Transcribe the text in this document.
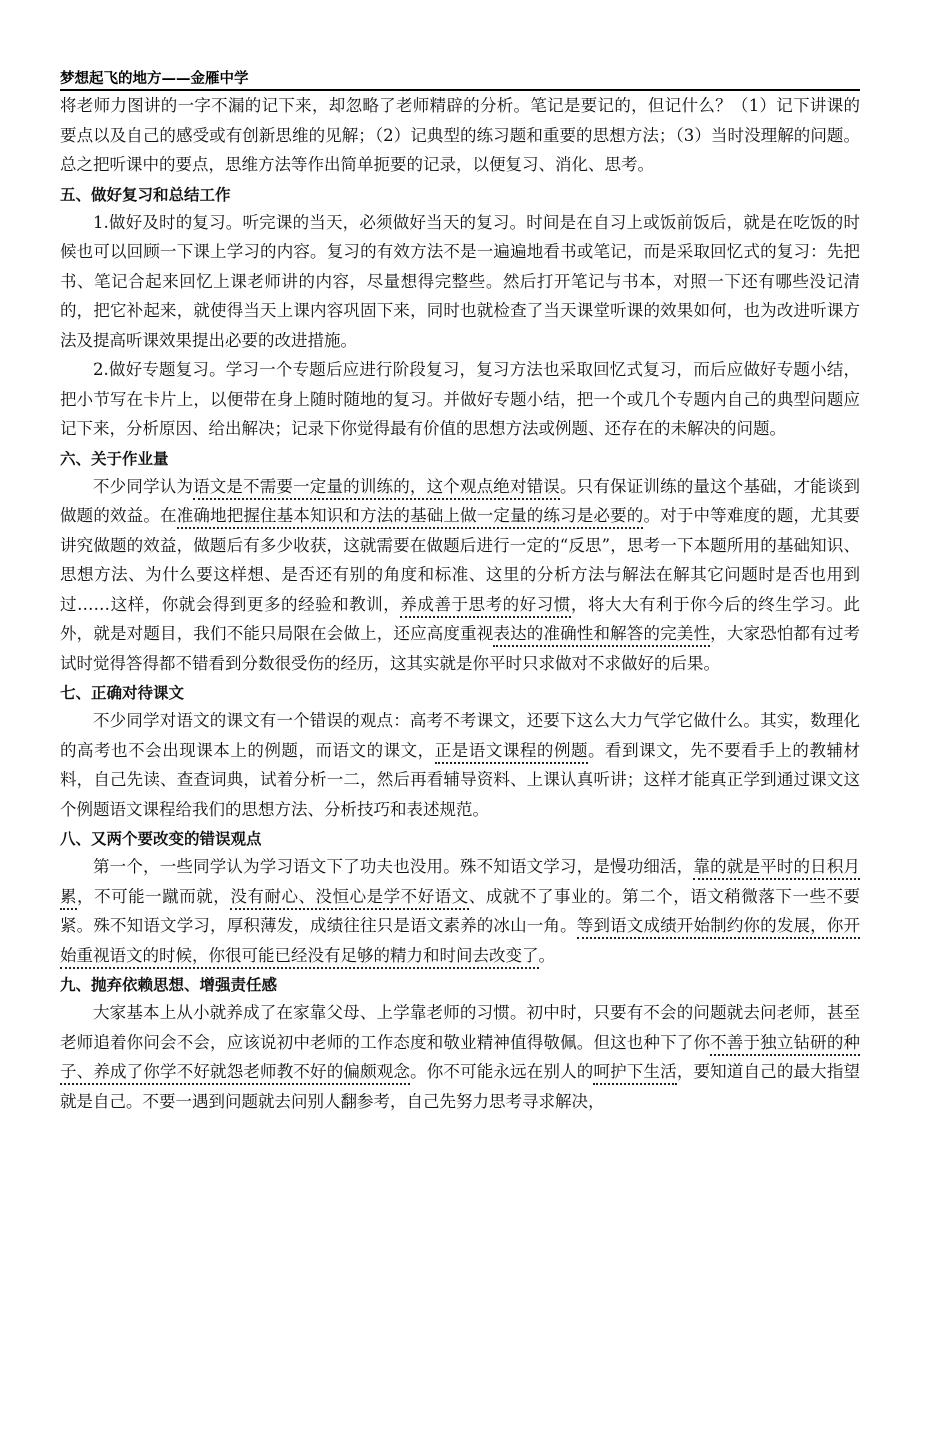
梦想起飞的地方——金雁中学

将老师力图讲的一字不漏的记下来，却忽略了老师精辟的分析。笔记是要记的，但记什么？（1）记下讲课的要点以及自己的感受或有创新思维的见解；（2）记典型的练习题和重要的思想方法；（3）当时没理解的问题。总之把听课中的要点，思维方法等作出简单扼要的记录，以便复习、消化、思考。

五、做好复习和总结工作

1.做好及时的复习。听完课的当天，必须做好当天的复习。时间是在自习上或饭前饭后，就是在吃饭的时候也可以回顾一下课上学习的内容。复习的有效方法不是一遍遍地看书或笔记，而是采取回忆式的复习：先把书、笔记合起来回忆上课老师讲的内容，尽量想得完整些。然后打开笔记与书本，对照一下还有哪些没记清的，把它补起来，就使得当天上课内容巩固下来，同时也就检查了当天课堂听课的效果如何，也为改进听课方法及提高听课效果提出必要的改进措施。

2.做好专题复习。学习一个专题后应进行阶段复习，复习方法也采取回忆式复习，而后应做好专题小结，把小节写在卡片上，以便带在身上随时随地的复习。并做好专题小结，把一个或几个专题内自己的典型问题应记下来，分析原因、给出解决；记录下你觉得最有价值的思想方法或例题、还存在的未解决的问题。

六、关于作业量

不少同学认为语文是不需要一定量的训练的，这个观点绝对错误。只有保证训练的量这个基础，才能谈到做题的效益。在准确地把握住基本知识和方法的基础上做一定量的练习是必要的。对于中等难度的题，尤其要讲究做题的效益，做题后有多少收获，这就需要在做题后进行一定的“反思”，思考一下本题所用的基础知识、思想方法、为什么要这样想、是否还有别的角度和标准、这里的分析方法与解法在解其它问题时是否也用到过……这样，你就会得到更多的经验和教训，养成善于思考的好习惯，将大大有利于你今后的终生学习。此外，就是对题目，我们不能只局限在会做上，还应高度重视表达的准确性和解答的完美性，大家恐怕都有过考试时觉得答得都不错看到分数很受伤的经历，这其实就是你平时只求做对不求做好的后果。

七、正确对待课文

不少同学对语文的课文有一个错误的观点：高考不考课文，还要下这么大力气学它做什么。其实，数理化的高考也不会出现课本上的例题，而语文的课文，正是语文课程的例题。看到课文，先不要看手上的教辅材料，自己先读、查查词典，试着分析一二，然后再看辅导资料、上课认真听讲；这样才能真正学到通过课文这个例题语文课程给我们的思想方法、分析技巧和表述规范。

八、又两个要改变的错误观点

第一个，一些同学认为学习语文下了功夫也没用。殊不知语文学习，是慢功细活，靠的就是平时的日积月累，不可能一蹴而就，没有耐心、没恒心是学不好语文、成就不了事业的。第二个，语文稍微落下一些不要紧。殊不知语文学习，厚积薄发，成绩往往只是语文素养的冰山一角。等到语文成绩开始制约你的发展，你开始重视语文的时候，你很可能已经没有足够的精力和时间去改变了。

九、抛弃依赖思想、增强责任感

大家基本上从小就养成了在家靠父母、上学靠老师的习惯。初中时，只要有不会的问题就去问老师，甚至老师追着你问会不会，应该说初中老师的工作态度和敬业精神值得敬佩。但这也种下了你不善于独立钻研的种子、养成了你学不好就怨老师教不好的偏颇观念。你不可能永远在别人的呵护下生活，要知道自己的最大指望就是自己。不要一遇到问题就去问别人翻参考，自己先努力思考寻求解决，
